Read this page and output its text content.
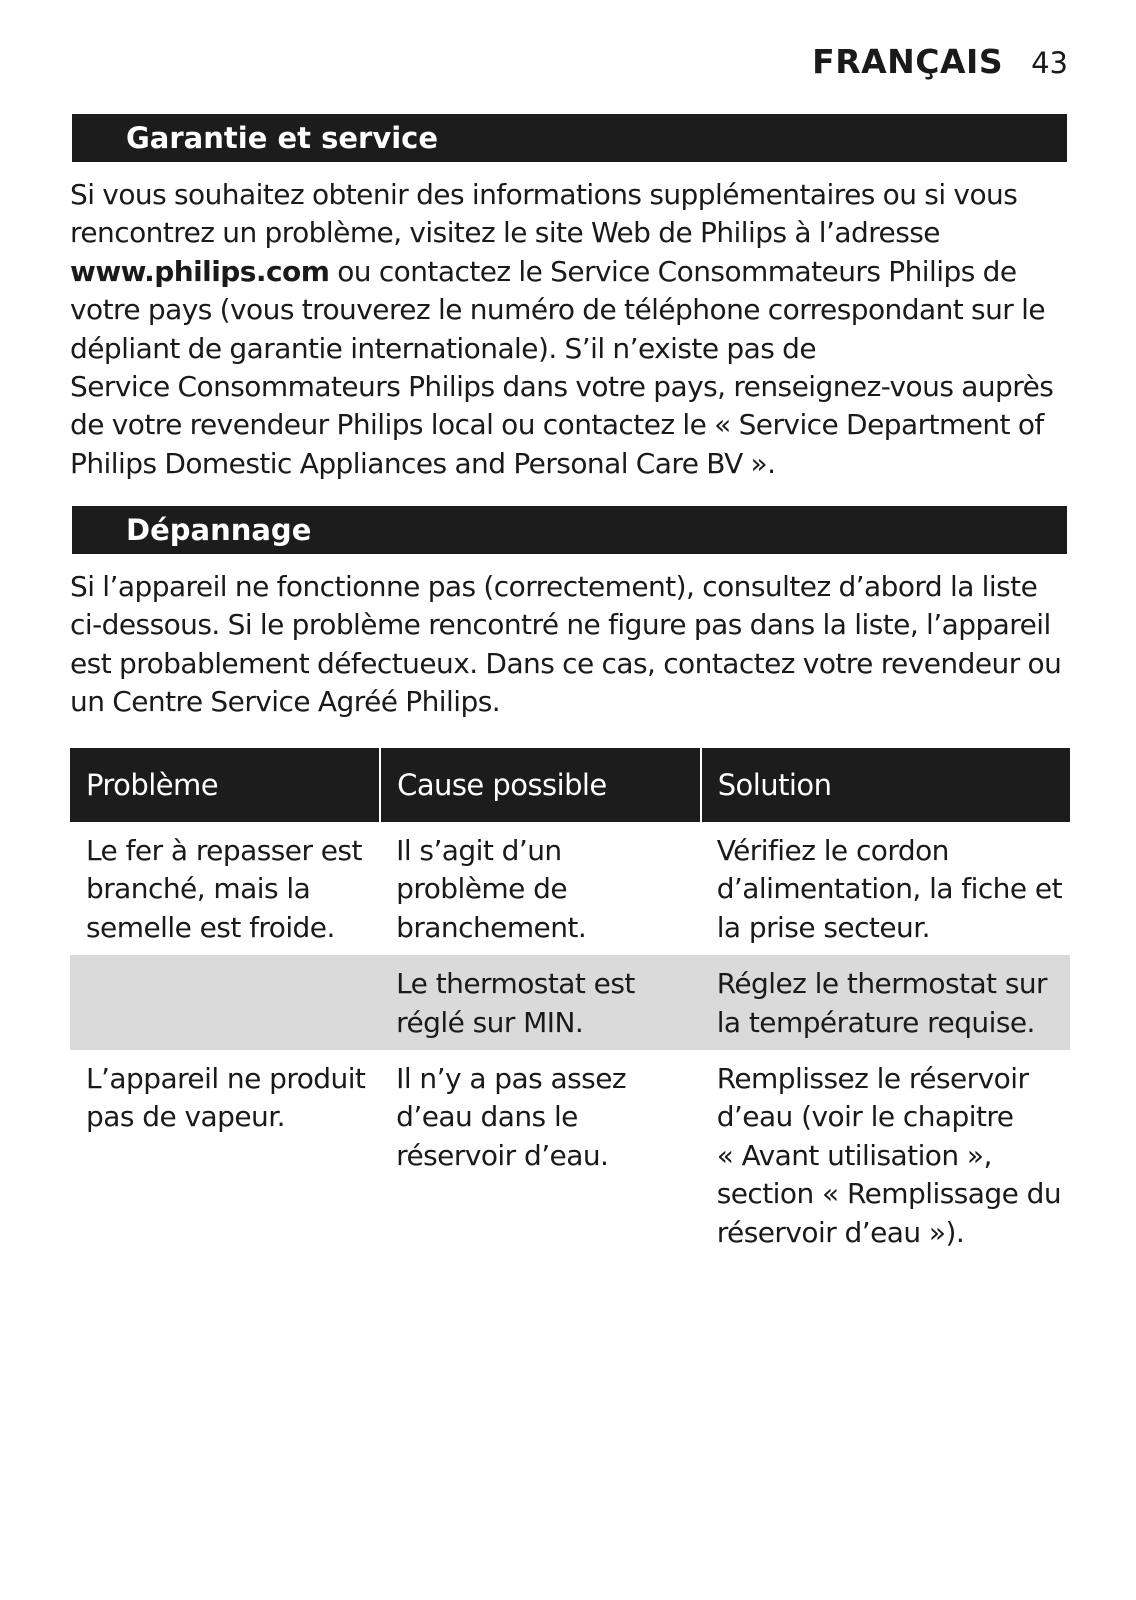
FRANÇAIS 43
Garantie et service

Si vous souhaitez obtenir des informations supplémentaires ou si vous
rencontrez un problème, visitez le site Web de Philips à l’adresse
www.philips.com ou contactez le Service Consommateurs Philips de
votre pays (vous trouverez le numéro de téléphone correspondant sur le
dépliant de garantie internationale). S’il n’existe pas de
Service Consommateurs Philips dans votre pays, renseignez-vous auprès
de votre revendeur Philips local ou contactez le « Service Department of
Philips Domestic Appliances and Personal Care BV ».

Dépannage

Si l’appareil ne fonctionne pas (correctement), consultez d’abord la liste
ci-dessous. Si le problème rencontré ne figure pas dans la liste, l’appareil
est probablement défectueux. Dans ce cas, contactez votre revendeur ou
un Centre Service Agréé Philips.

Problème	Cause possible	Solution

Le fer à repasser est
branché, mais la
semelle est froide.	Il s’agit d’un
problème de
branchement.	Vérifiez le cordon
d’alimentation, la fiche et
la prise secteur.

	Le thermostat est
réglé sur MIN.	Réglez le thermostat sur
la température requise.

L’appareil ne produit
pas de vapeur.	Il n’y a pas assez
d’eau dans le
réservoir d’eau.	Remplissez le réservoir
d’eau (voir le chapitre
« Avant utilisation »,
section « Remplissage du
réservoir d’eau »).
